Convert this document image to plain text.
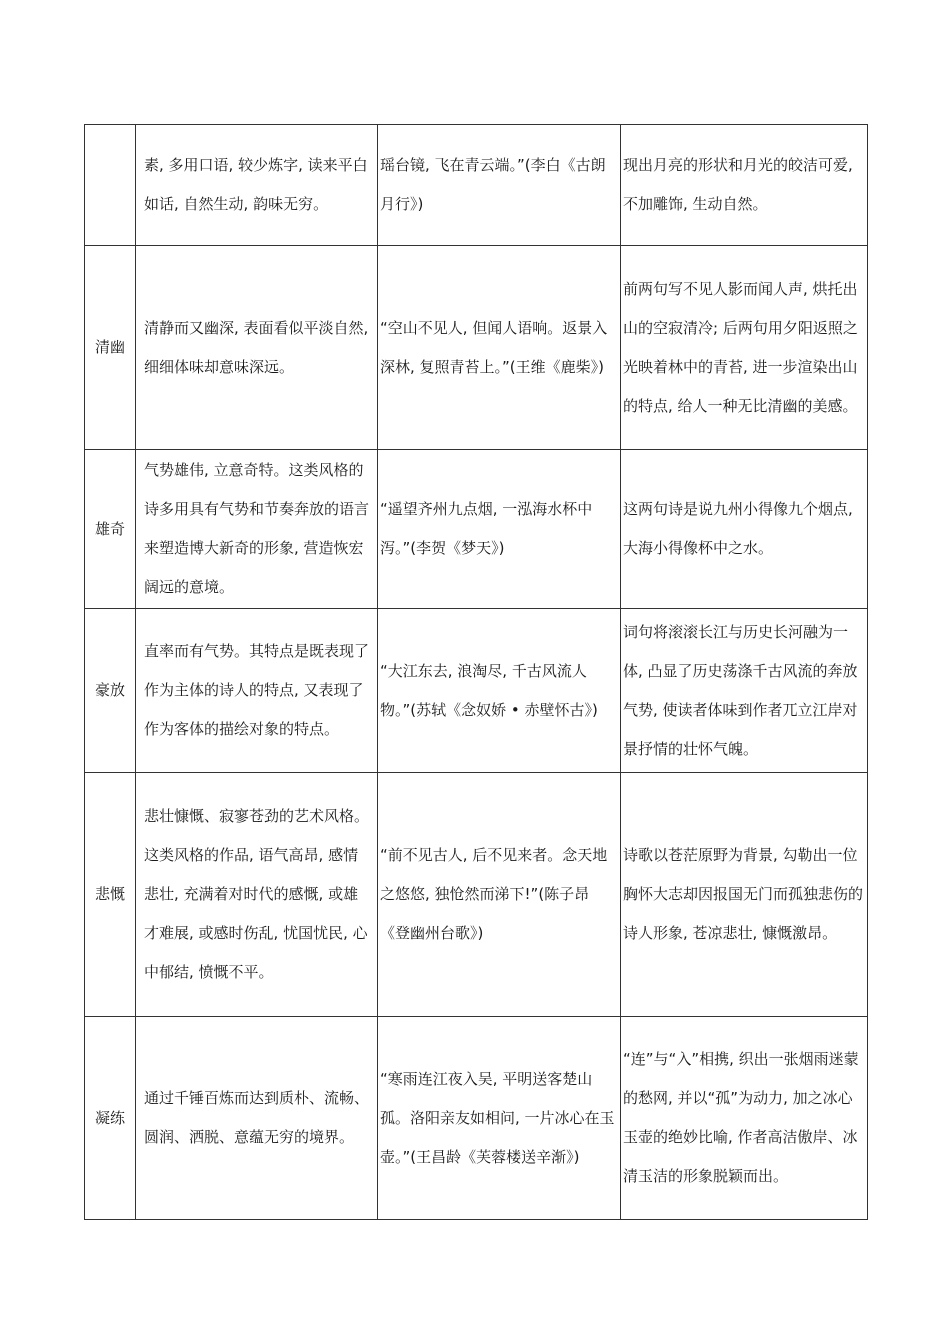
	素, 多用口语, 较少炼字, 读来平白如话, 自然生动, 韵味无穷。	瑶台镜, 飞在青云端。”(李白《古朗月行》)	现出月亮的形状和月光的皎洁可爱, 不加雕饰, 生动自然。
清幽	清静而又幽深, 表面看似平淡自然, 细细体味却意味深远。	“空山不见人, 但闻人语响。返景入深林, 复照青苔上。”(王维《鹿柴》)	前两句写不见人影而闻人声, 烘托出山的空寂清冷; 后两句用夕阳返照之光映着林中的青苔, 进一步渲染出山的特点, 给人一种无比清幽的美感。
雄奇	气势雄伟, 立意奇特。这类风格的诗多用具有气势和节奏奔放的语言来塑造博大新奇的形象, 营造恢宏阔远的意境。	“遥望齐州九点烟, 一泓海水杯中泻。”(李贺《梦天》)	这两句诗是说九州小得像九个烟点, 大海小得像杯中之水。
豪放	直率而有气势。其特点是既表现了作为主体的诗人的特点, 又表现了作为客体的描绘对象的特点。	“大江东去, 浪淘尽, 千古风流人物。”(苏轼《念奴娇 • 赤壁怀古》)	词句将滚滚长江与历史长河融为一体, 凸显了历史荡涤千古风流的奔放气势, 使读者体味到作者兀立江岸对景抒情的壮怀气魄。
悲慨	悲壮慷慨、寂寥苍劲的艺术风格。这类风格的作品, 语气高昂, 感情悲壮, 充满着对时代的感慨, 或雄才难展, 或感时伤乱, 忧国忧民, 心中郁结, 愤慨不平。	“前不见古人, 后不见来者。念天地之悠悠, 独怆然而涕下!”(陈子昂《登幽州台歌》)	诗歌以苍茫原野为背景, 勾勒出一位胸怀大志却因报国无门而孤独悲伤的诗人形象, 苍凉悲壮, 慷慨激昂。
凝练	通过千锤百炼而达到质朴、流畅、圆润、洒脱、意蕴无穷的境界。	“寒雨连江夜入吴, 平明送客楚山孤。洛阳亲友如相问, 一片冰心在玉壶。”(王昌龄《芙蓉楼送辛渐》)	“连”与“入”相携, 织出一张烟雨迷蒙的愁网, 并以“孤”为动力, 加之冰心玉壶的绝妙比喻, 作者高洁傲岸、冰清玉洁的形象脱颖而出。
